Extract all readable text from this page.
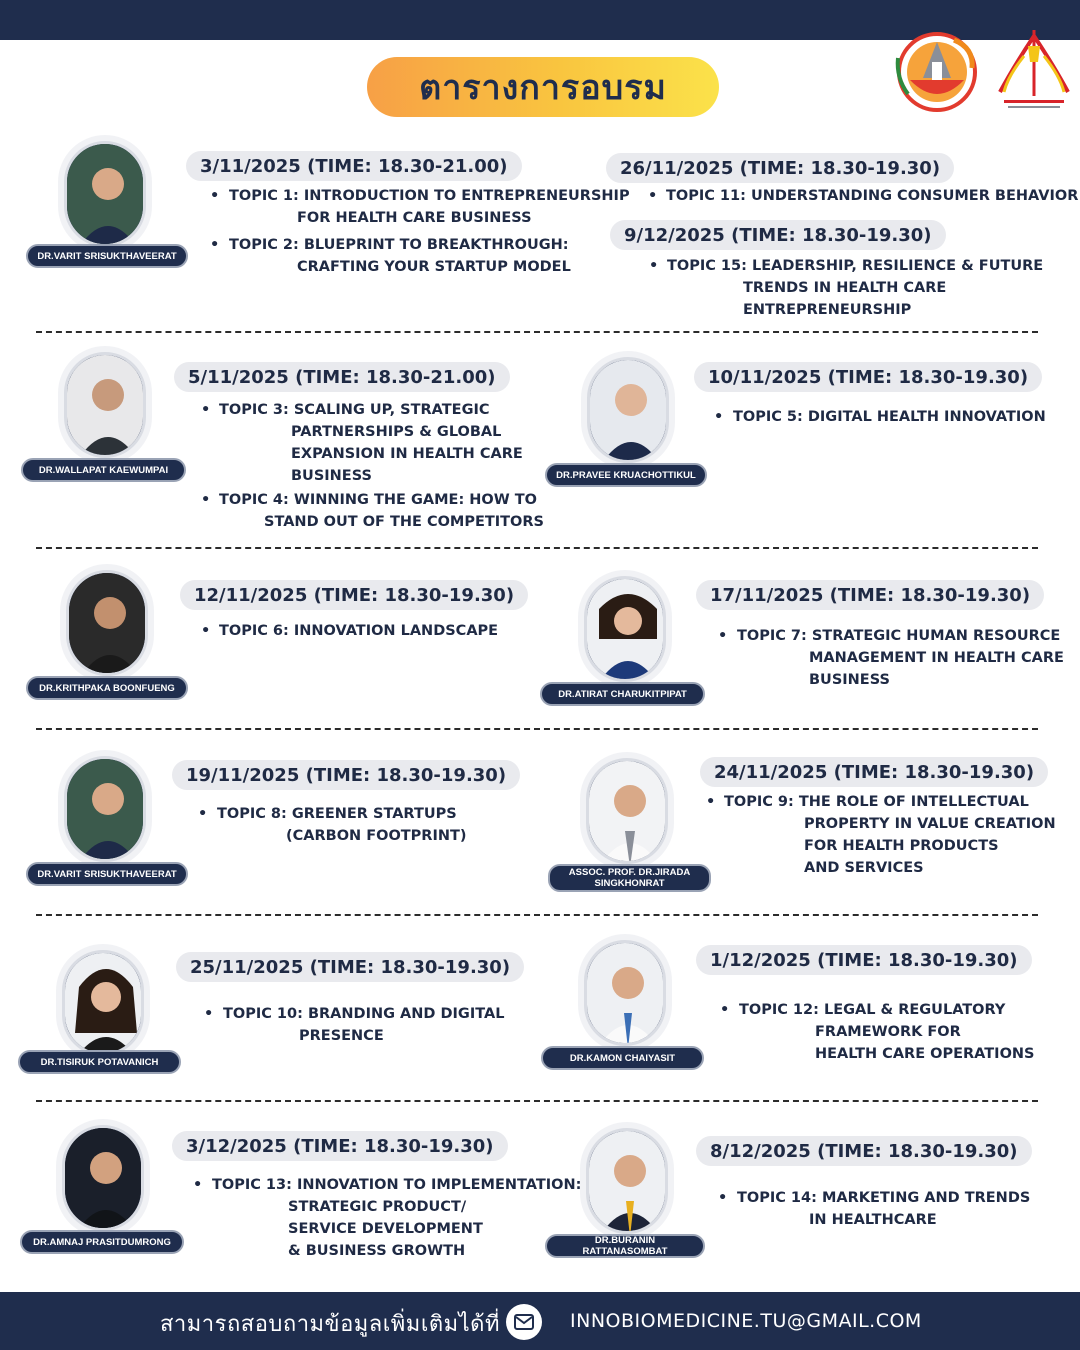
ตารางการอบรม
DR.VARIT SRISUKTHAVEERAT
3/11/2025 (TIME: 18.30-21.00)
• TOPIC 1: INTRODUCTION TO ENTREPRENEURSHIP
FOR HEALTH CARE BUSINESS
• TOPIC 2: BLUEPRINT TO BREAKTHROUGH:
CRAFTING YOUR STARTUP MODEL
26/11/2025 (TIME: 18.30-19.30)
• TOPIC 11: UNDERSTANDING CONSUMER BEHAVIOR
9/12/2025 (TIME: 18.30-19.30)
• TOPIC 15: LEADERSHIP, RESILIENCE & FUTURE
TRENDS IN HEALTH CARE
ENTREPRENEURSHIP
DR.WALLAPAT KAEWUMPAI
5/11/2025 (TIME: 18.30-21.00)
• TOPIC 3: SCALING UP, STRATEGIC
PARTNERSHIPS & GLOBAL
EXPANSION IN HEALTH CARE
BUSINESS
• TOPIC 4: WINNING THE GAME: HOW TO
STAND OUT OF THE COMPETITORS
DR.PRAVEE KRUACHOTTIKUL
10/11/2025 (TIME: 18.30-19.30)
• TOPIC 5: DIGITAL HEALTH INNOVATION
DR.KRITHPAKA BOONFUENG
12/11/2025 (TIME: 18.30-19.30)
• TOPIC 6: INNOVATION LANDSCAPE
DR.ATIRAT CHARUKITPIPAT
17/11/2025 (TIME: 18.30-19.30)
• TOPIC 7: STRATEGIC HUMAN RESOURCE
MANAGEMENT IN HEALTH CARE
BUSINESS
DR.VARIT SRISUKTHAVEERAT
19/11/2025 (TIME: 18.30-19.30)
• TOPIC 8: GREENER STARTUPS
(CARBON FOOTPRINT)
ASSOC. PROF. DR.JIRADA SINGKHONRAT
24/11/2025 (TIME: 18.30-19.30)
• TOPIC 9: THE ROLE OF INTELLECTUAL
PROPERTY IN VALUE CREATION
FOR HEALTH PRODUCTS
AND SERVICES
DR.TISIRUK POTAVANICH
25/11/2025 (TIME: 18.30-19.30)
• TOPIC 10: BRANDING AND DIGITAL
PRESENCE
DR.KAMON CHAIYASIT
1/12/2025 (TIME: 18.30-19.30)
• TOPIC 12: LEGAL & REGULATORY
FRAMEWORK FOR
HEALTH CARE OPERATIONS
DR.AMNAJ PRASITDUMRONG
3/12/2025 (TIME: 18.30-19.30)
• TOPIC 13: INNOVATION TO IMPLEMENTATION:
STRATEGIC PRODUCT/
SERVICE DEVELOPMENT
& BUSINESS GROWTH
DR.BURANIN RATTANASOMBAT
8/12/2025 (TIME: 18.30-19.30)
• TOPIC 14: MARKETING AND TRENDS
IN HEALTHCARE
สามารถสอบถามข้อมูลเพิ่มเติมได้ที่	INNOBIOMEDICINE.TU@GMAIL.COM
